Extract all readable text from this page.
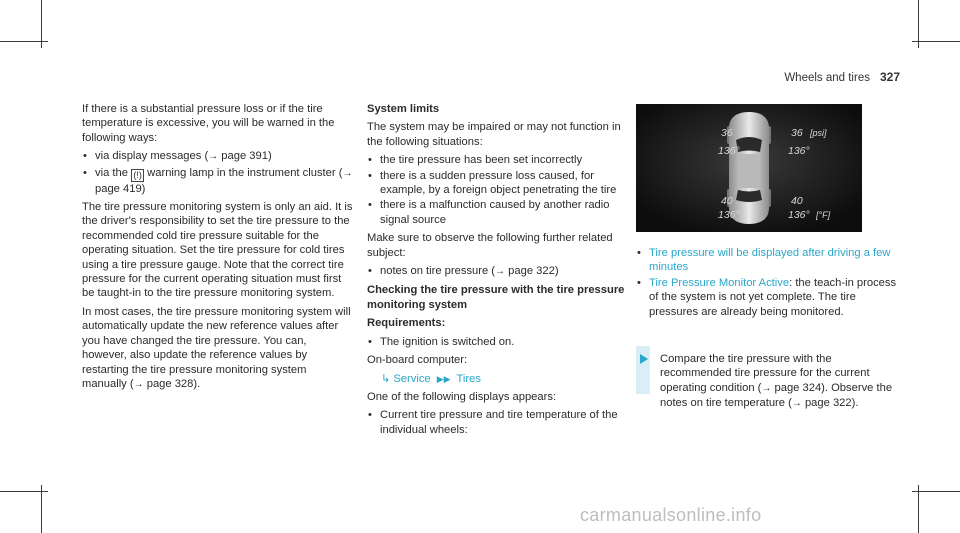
Wheels and tires 327

If there is a substantial pressure loss or if the tire temperature is excessive, you will be warned in the following ways:

• via display messages (→ page 391)
• via the (!) warning lamp in the instrument cluster (→ page 419)

The tire pressure monitoring system is only an aid. It is the driver's responsibility to set the tire pressure to the recommended cold tire pressure suitable for the operating situation. Set the tire pressure for cold tires using a tire pressure gauge. Note that the correct tire pressure for the current operating situation must first be taught-in to the tire pressure monitoring system.

In most cases, the tire pressure monitoring system will automatically update the new reference values after you have changed the tire pressure. You can, however, also update the reference values by restarting the tire pressure monitoring system manually (→ page 328).

System limits

The system may be impaired or may not function in the following situations:

• the tire pressure has been set incorrectly
• there is a sudden pressure loss caused, for example, by a foreign object penetrating the tire
• there is a malfunction caused by another radio signal source

Make sure to observe the following further related subject:

• notes on tire pressure (→ page 322)

Checking the tire pressure with the tire pressure monitoring system

Requirements:

• The ignition is switched on.

On-board computer:

↳ Service ▶▶ Tires

One of the following displays appears:

• Current tire pressure and tire temperature of the individual wheels:
36	36 [psi]
136°	136°
40	40
136°	136° [°F]
• Tire pressure will be displayed after driving a few minutes
• Tire Pressure Monitor Active: the teach-in process of the system is not yet complete. The tire pressures are already being monitored.
Compare the tire pressure with the recommended tire pressure for the current operating condition (→ page 324). Observe the notes on tire temperature (→ page 322).
carmanualsonline.info
